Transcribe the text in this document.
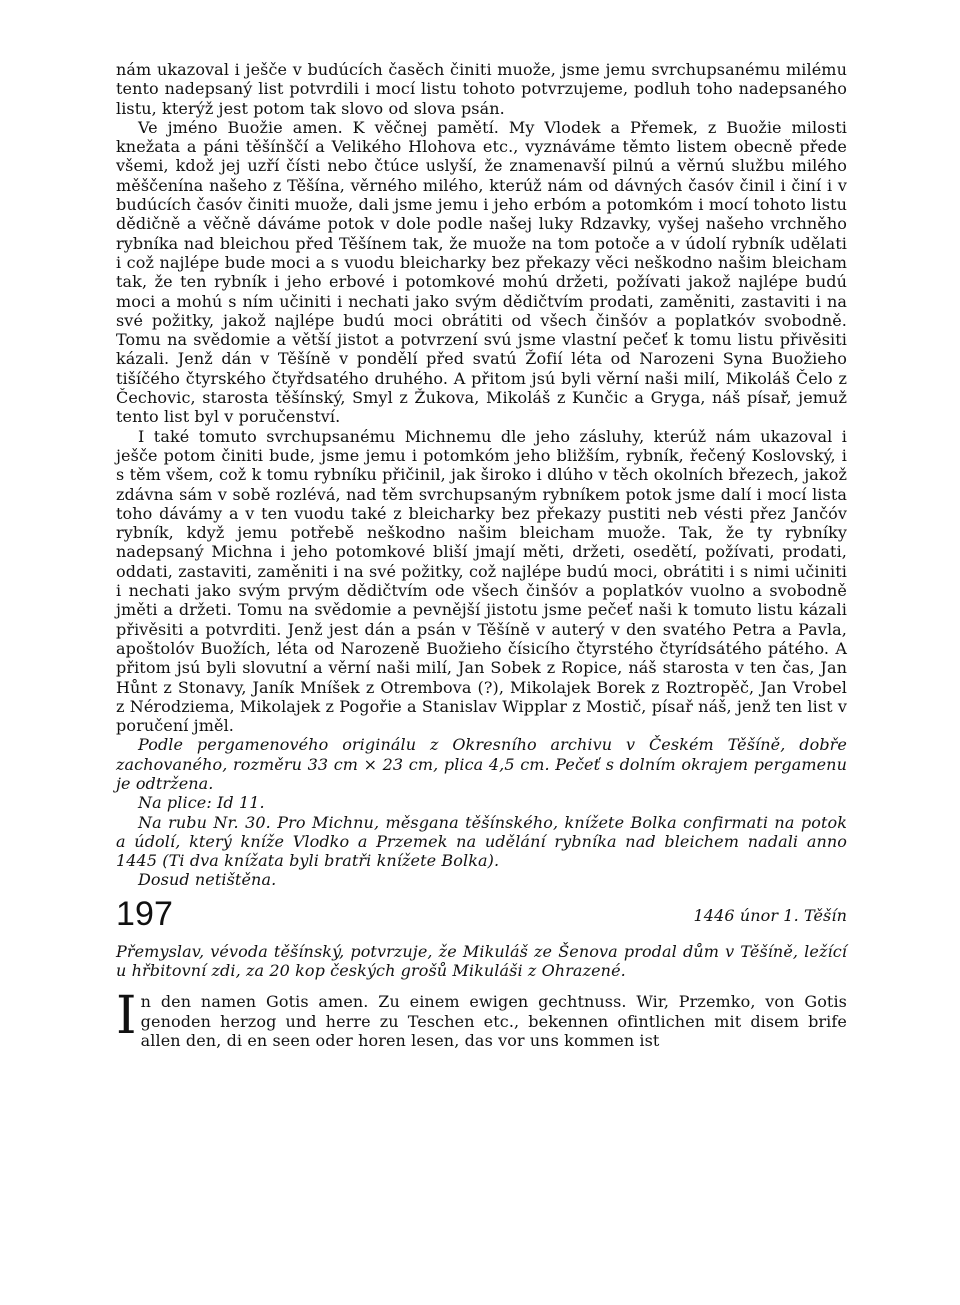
nám ukazoval i ješče v budúcích časěch činiti muože, jsme jemu svrchupsanému milému tento nadepsaný list potvrdili i mocí listu tohoto potvrzujeme, podluh toho nadepsaného listu, kterýž jest potom tak slovo od slova psán.

Ve jméno Buožie amen. K věčnej pamětí. My Vlodek a Přemek, z Buožie milosti knežata a páni těšínščí a Velikého Hlohova etc., vyznáváme těmto listem obecně přede všemi, kdož jej uzří čísti nebo čtúce uslyší, že znamenavší pilnú a věrnú službu milého měščenína našeho z Těšína, věrného milého, kterúž nám od dávných časóv činil i činí i v budúcích časóv činiti muože, dali jsme jemu i jeho erbóm a potomkóm i mocí tohoto listu dědičně a věčně dáváme potok v dole podle našej luky Rdzavky, vyšej našeho vrchněho rybníka nad bleichou před Těšínem tak, že muože na tom potoče a v údolí rybník udělati i což najlépe bude moci a s vuodu bleicharky bez překazy věci neškodno našim bleicham tak, že ten rybník i jeho erbové i potomkové mohú držeti, požívati jakož najlépe budú moci a mohú s ním učiniti i nechati jako svým dědičtvím prodati, zaměniti, zastaviti i na své požitky, jakož najlépe budú moci obrátiti od všech činšóv a poplatkóv svobodně. Tomu na svědomie a větší jistot a potvrzení svú jsme vlastní pečeť k tomu listu přivěsiti kázali. Jenž dán v Těšíně v pondělí před svatú Žofií léta od Narozeni Syna Buožieho tišíčého čtyrského čtyřdsatého druhého. A přitom jsú byli věrní naši milí, Mikoláš Čelo z Čechovic, starosta těšínský, Smyl z Žukova, Mikoláš z Kunčic a Gryga, náš písař, jemuž tento list byl v poručenství.

I také tomuto svrchupsanému Michnemu dle jeho zásluhy, kterúž nám ukazoval i ješče potom činiti bude, jsme jemu i potomkóm jeho bližším, rybník, řečený Koslovský, i s těm všem, což k tomu rybníku přičinil, jak široko i dlúho v těch okolních březech, jakož zdávna sám v sobě rozlévá, nad těm svrchupsaným rybníkem potok jsme dalí i mocí lista toho dávámy a v ten vuodu také z bleicharky bez překazy pustiti neb vésti přez Jančóv rybník, když jemu potřebě neškodno našim bleicham muože. Tak, že ty rybníky nadepsaný Michna i jeho potomkové bliší jmají měti, držeti, osedětí, požívati, prodati, oddati, zastaviti, zaměniti i na své požitky, což najlépe budú moci, obrátiti i s nimi učiniti i nechati jako svým prvým dědičtvím ode všech činšóv a poplatkóv vuolno a svobodně jměti a držeti. Tomu na svědomie a pevnější jistotu jsme pečeť naši k tomuto listu kázali přivěsiti a potvrditi. Jenž jest dán a psán v Těšíně v auterý v den svatého Petra a Pavla, apoštolóv Buožích, léta od Narozeně Buožieho čísicího čtyrstého čtyrídsátého pátého. A přitom jsú byli slovutní a věrní naši milí, Jan Sobek z Ropice, náš starosta v ten čas, Jan Hůnt z Stonavy, Janík Mníšek z Otrembova (?), Mikolajek Borek z Roztropěč, Jan Vrobel z Nérodziema, Mikolajek z Pogořie a Stanislav Wipplar z Mostič, písař náš, jenž ten list v poručení jměl.

Podle pergamenového originálu z Okresního archivu v Českém Těšíně, dobře zachovaného, rozměru 33 cm × 23 cm, plica 4,5 cm. Pečeť s dolním okrajem pergamenu je odtržena.

Na plice: Id 11.

Na rubu Nr. 30. Pro Michnu, měsgana těšínského, knížete Bolka confirmati na potok a údolí, který kníže Vlodko a Przemek na udělání rybníka nad bleichem nadali anno 1445 (Ti dva knížata byli bratři knížete Bolka).

Dosud netištěna.

197	1446 únor 1. Těšín

Přemyslav, vévoda těšínský, potvrzuje, že Mikuláš ze Šenova prodal dům v Těšíně, ležící u hřbitovní zdi, za 20 kop českých grošů Mikuláši z Ohrazené.

I n den namen Gotis amen. Zu einem ewigen gechtnuss. Wir, Przemko, von Gotis genoden herzog und herre zu Teschen etc., bekennen ofintlichen mit disem brife allen den, di en seen oder horen lesen, das vor uns kommen ist
